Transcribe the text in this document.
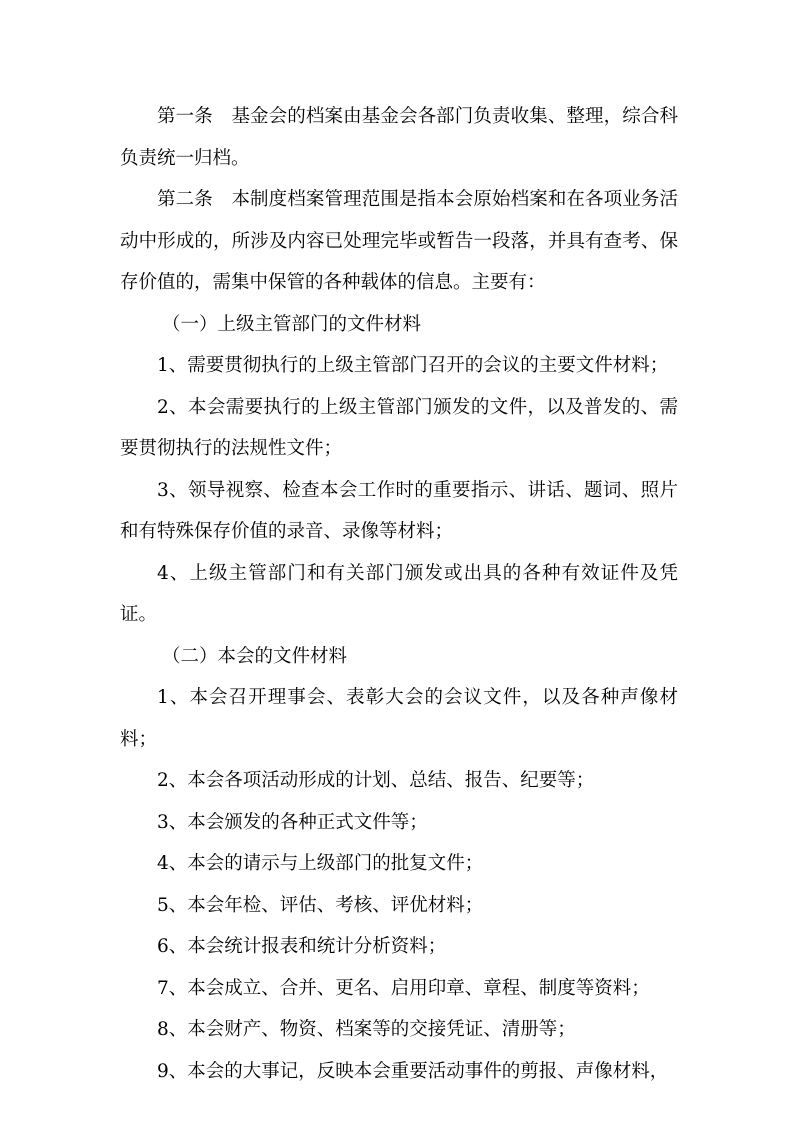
第一条　基金会的档案由基金会各部门负责收集、整理，综合科负责统一归档。

第二条　本制度档案管理范围是指本会原始档案和在各项业务活动中形成的，所涉及内容已处理完毕或暂告一段落，并具有查考、保存价值的，需集中保管的各种载体的信息。主要有：

（一）上级主管部门的文件材料

1、需要贯彻执行的上级主管部门召开的会议的主要文件材料；

2、本会需要执行的上级主管部门颁发的文件，以及普发的、需要贯彻执行的法规性文件；

3、领导视察、检查本会工作时的重要指示、讲话、题词、照片和有特殊保存价值的录音、录像等材料；

4、上级主管部门和有关部门颁发或出具的各种有效证件及凭证。

（二）本会的文件材料

1、本会召开理事会、表彰大会的会议文件，以及各种声像材料；

2、本会各项活动形成的计划、总结、报告、纪要等；

3、本会颁发的各种正式文件等；

4、本会的请示与上级部门的批复文件；

5、本会年检、评估、考核、评优材料；

6、本会统计报表和统计分析资料；

7、本会成立、合并、更名、启用印章、章程、制度等资料；

8、本会财产、物资、档案等的交接凭证、清册等；

9、本会的大事记，反映本会重要活动事件的剪报、声像材料，
